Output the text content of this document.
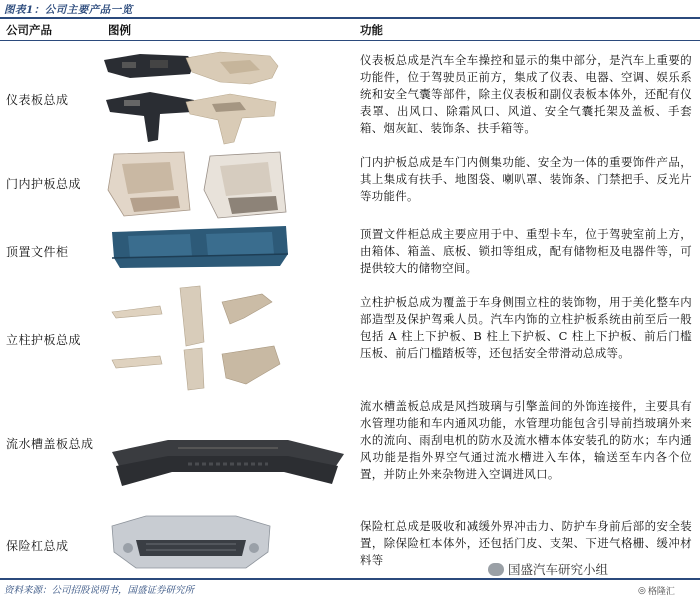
图表1：公司主要产品一览
公司产品	图例	功能
仪表板总成
仪表板总成是汽车全车操控和显示的集中部分，是汽车上重要的功能件，位于驾驶员正前方，集成了仪表、电器、空调、娱乐系统和安全气囊等部件，除主仪表板和副仪表板本体外，还配有仪表罩、出风口、除霜风口、风道、安全气囊托架及盖板、手套箱、烟灰缸、装饰条、扶手箱等。
门内护板总成
门内护板总成是车门内侧集功能、安全为一体的重要饰件产品，其上集成有扶手、地图袋、喇叭罩、装饰条、门禁把手、反光片等功能件。
顶置文件柜
顶置文件柜总成主要应用于中、重型卡车，位于驾驶室前上方，由箱体、箱盖、底板、锁扣等组成，配有储物柜及电器件等，可提供较大的储物空间。
立柱护板总成
立柱护板总成为覆盖于车身侧围立柱的装饰物，用于美化整车内部造型及保护驾乘人员。汽车内饰的立柱护板系统由前至后一般包括 A 柱上下护板、B 柱上下护板、C 柱上下护板、前后门槛压板、前后门槛踏板等，还包括安全带滑动总成等。
流水槽盖板总成
流水槽盖板总成是风挡玻璃与引擎盖间的外饰连接件，主要具有水管理功能和车内通风功能，水管理功能包含引导前挡玻璃外来水的流向、雨刮电机的防水及流水槽本体安装孔的防水；车内通风功能是指外界空气通过流水槽进入车体，输送至车内各个位置，并防止外来杂物进入空调进风口。
保险杠总成
保险杠总成是吸收和减缓外界冲击力、防护车身前后部的安全装置，除保险杠本体外，还包括门皮、支架、下进气格栅、缓冲材料等
资料来源：公司招股说明书，国盛证券研究所
国盛汽车研究小组
◎ 格隆汇
